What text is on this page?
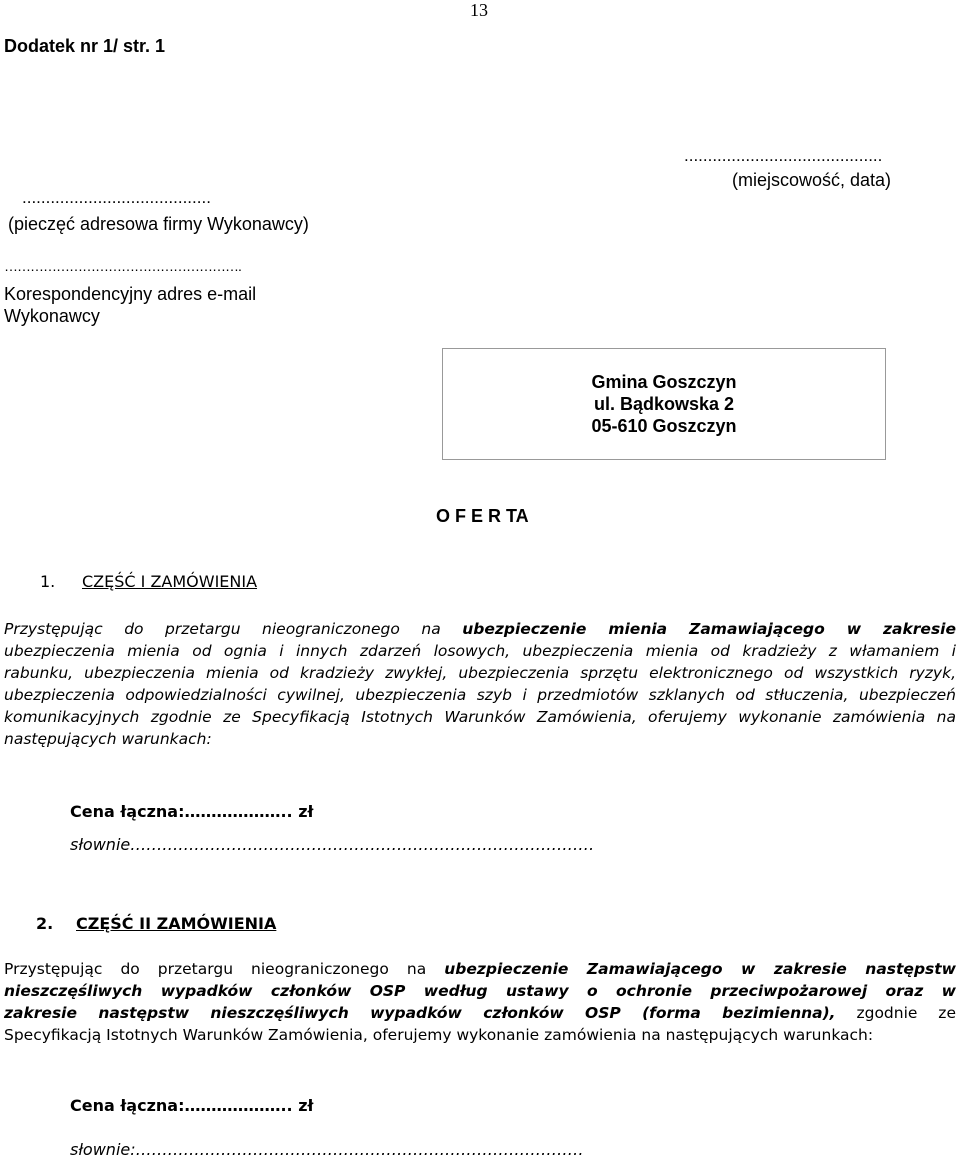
13
Dodatek nr 1/ str. 1
..........................................
(miejscowość, data)
........................................
(pieczęć adresowa firmy Wykonawcy)
……………………………………………….
Korespondencyjny adres e-mail
Wykonawcy
Gmina Goszczyn
ul. Bądkowska 2
05-610 Goszczyn
O F E R TA
1. CZĘŚĆ I ZAMÓWIENIA
Przystępując do przetargu nieograniczonego na ubezpieczenie mienia Zamawiającego w zakresie
ubezpieczenia mienia od ognia i innych zdarzeń losowych, ubezpieczenia mienia od kradzieży z włamaniem i
rabunku, ubezpieczenia mienia od kradzieży zwykłej, ubezpieczenia sprzętu elektronicznego od wszystkich ryzyk,
ubezpieczenia odpowiedzialności cywilnej, ubezpieczenia szyb i przedmiotów szklanych od stłuczenia, ubezpieczeń
komunikacyjnych zgodnie ze Specyfikacją Istotnych Warunków Zamówienia, oferujemy wykonanie zamówienia na
następujących warunkach:
Cena łączna:……………….. zł
słownie……………………………………………………………………………
2. CZĘŚĆ II ZAMÓWIENIA
Przystępując do przetargu nieograniczonego na ubezpieczenie Zamawiającego w zakresie następstw
nieszczęśliwych wypadków członków OSP według ustawy o ochronie przeciwpożarowej oraz w
zakresie następstw nieszczęśliwych wypadków członków OSP (forma bezimienna), zgodnie ze
Specyfikacją Istotnych Warunków Zamówienia, oferujemy wykonanie zamówienia na następujących warunkach:
Cena łączna:……………….. zł
słownie:…………………………………………………………………………
